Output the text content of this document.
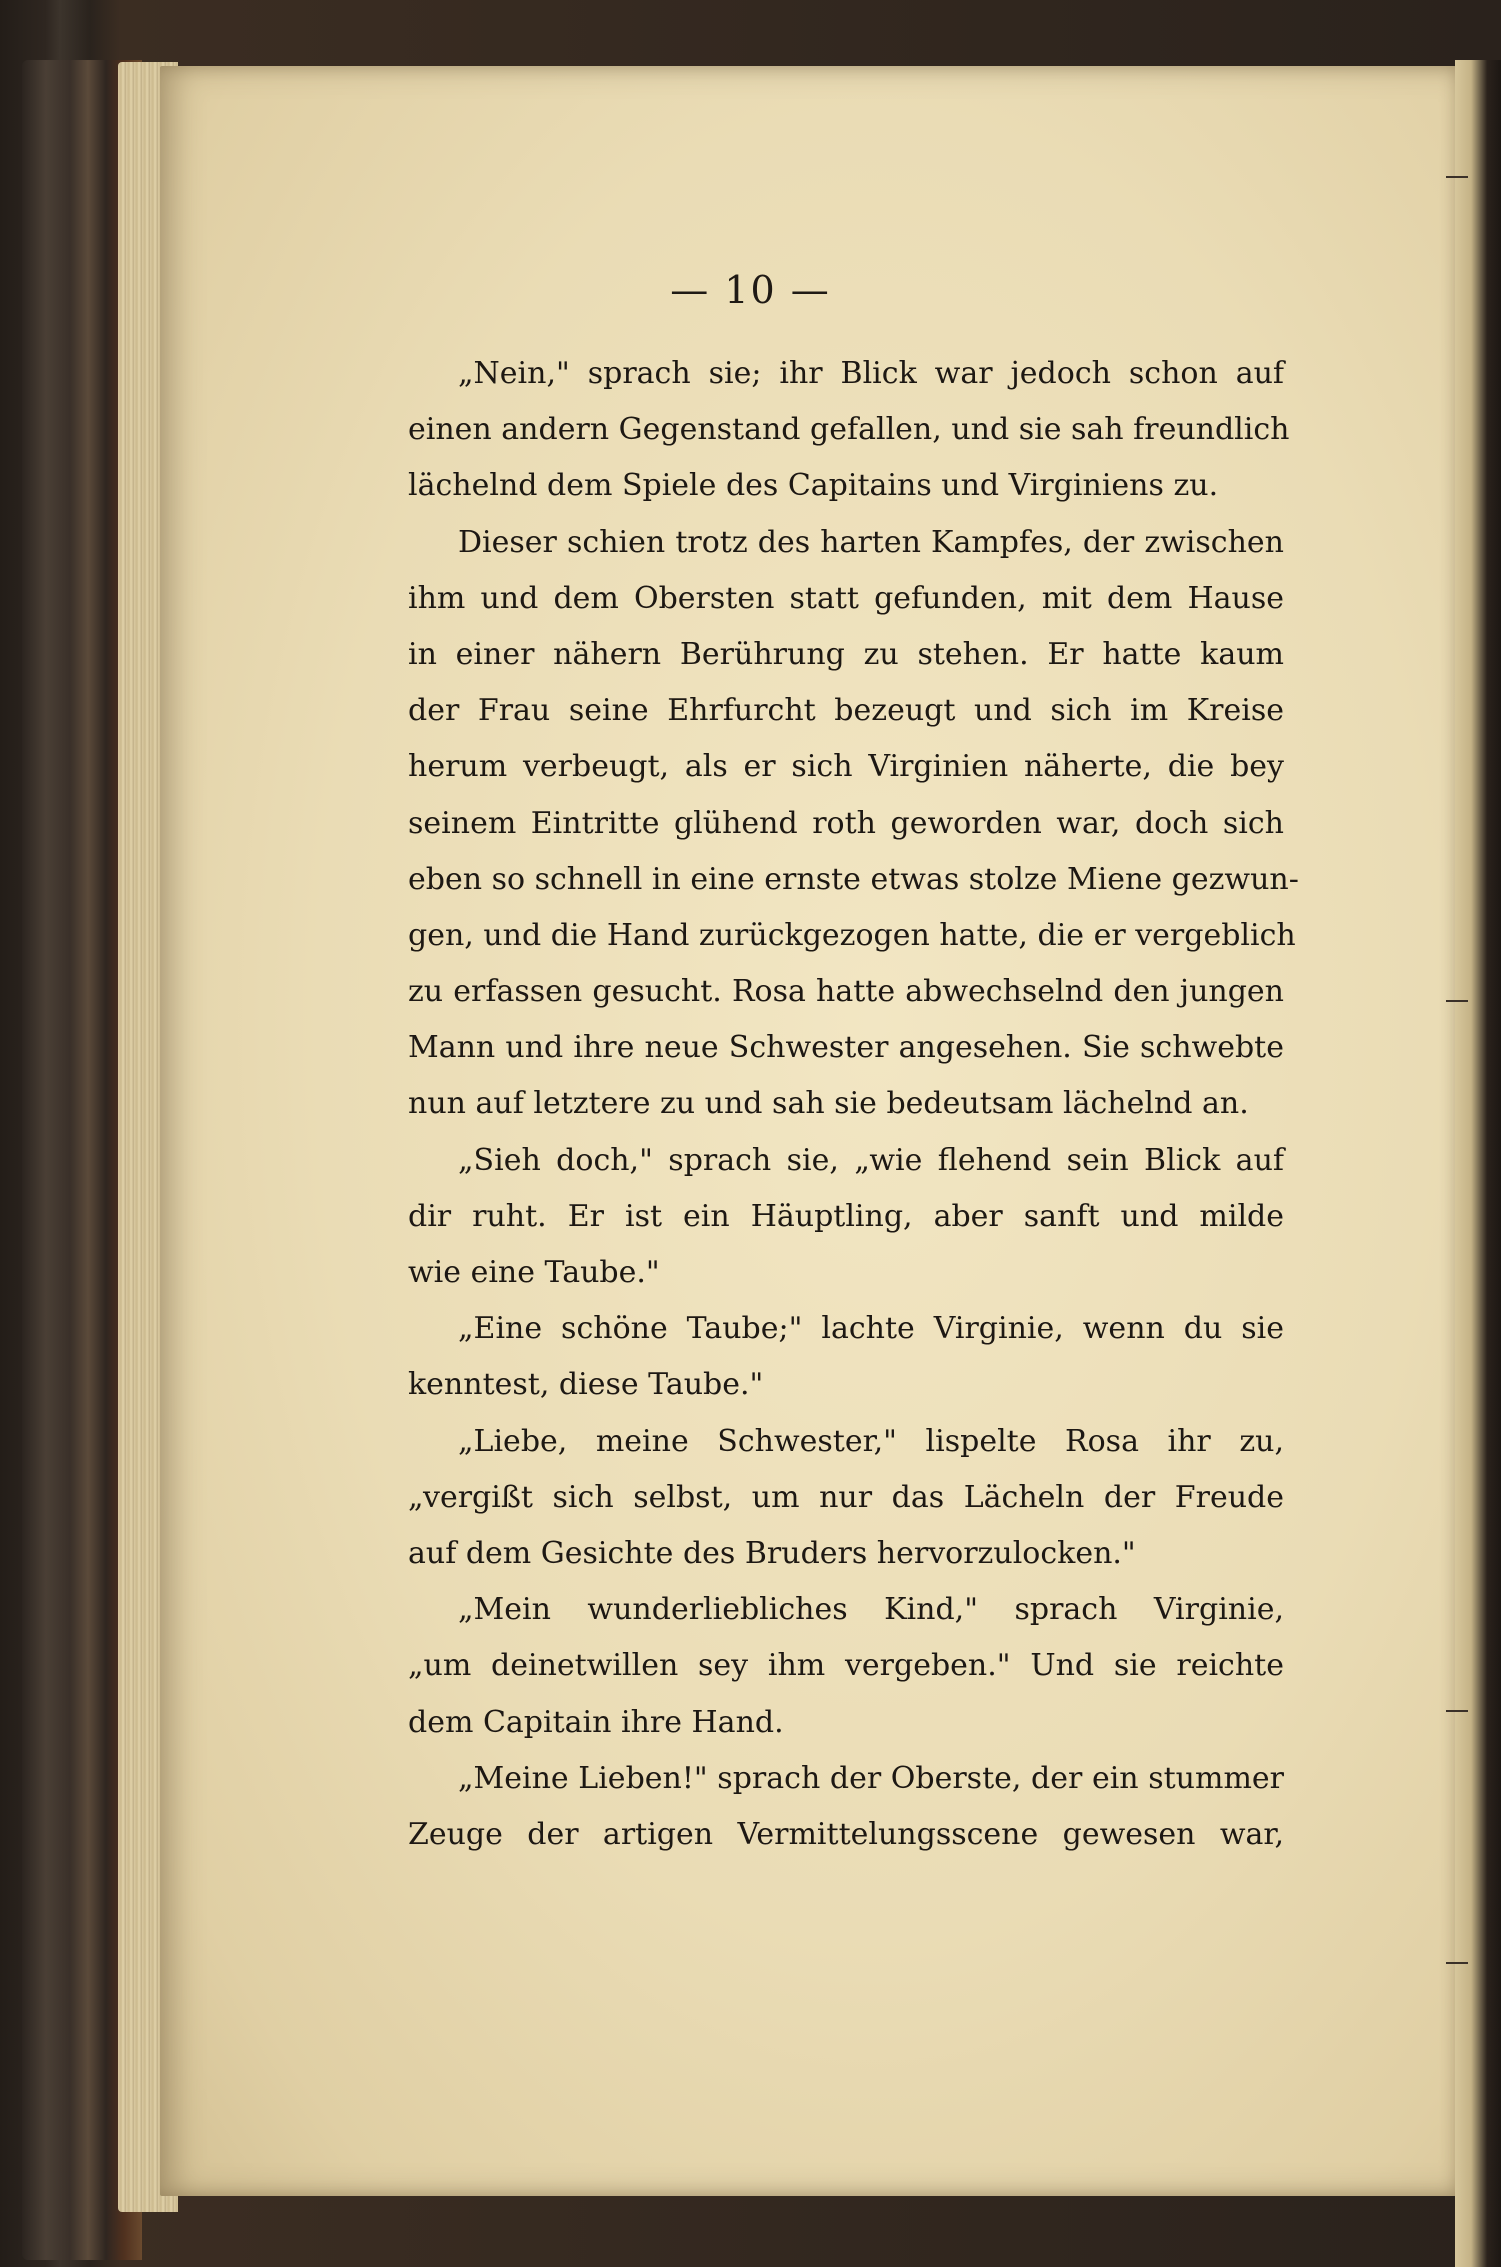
— 10 —
„Nein," sprach sie; ihr Blick war jedoch schon auf
einen andern Gegenstand gefallen, und sie sah freundlich
lächelnd dem Spiele des Capitains und Virginiens zu.
Dieser schien trotz des harten Kampfes, der zwischen
ihm und dem Obersten statt gefunden, mit dem Hause
in einer nähern Berührung zu stehen. Er hatte kaum
der Frau seine Ehrfurcht bezeugt und sich im Kreise
herum verbeugt, als er sich Virginien näherte, die bey
seinem Eintritte glühend roth geworden war, doch sich
eben so schnell in eine ernste etwas stolze Miene gezwun-
gen, und die Hand zurückgezogen hatte, die er vergeblich
zu erfassen gesucht. Rosa hatte abwechselnd den jungen
Mann und ihre neue Schwester angesehen. Sie schwebte
nun auf letztere zu und sah sie bedeutsam lächelnd an.
„Sieh doch," sprach sie, „wie flehend sein Blick auf
dir ruht. Er ist ein Häuptling, aber sanft und milde
wie eine Taube."
„Eine schöne Taube;" lachte Virginie, wenn du sie
kenntest, diese Taube."
„Liebe, meine Schwester," lispelte Rosa ihr zu,
„vergißt sich selbst, um nur das Lächeln der Freude
auf dem Gesichte des Bruders hervorzulocken."
„Mein wunderliebliches Kind," sprach Virginie,
„um deinetwillen sey ihm vergeben." Und sie reichte
dem Capitain ihre Hand.
„Meine Lieben!" sprach der Oberste, der ein stummer
Zeuge der artigen Vermittelungsscene gewesen war,
